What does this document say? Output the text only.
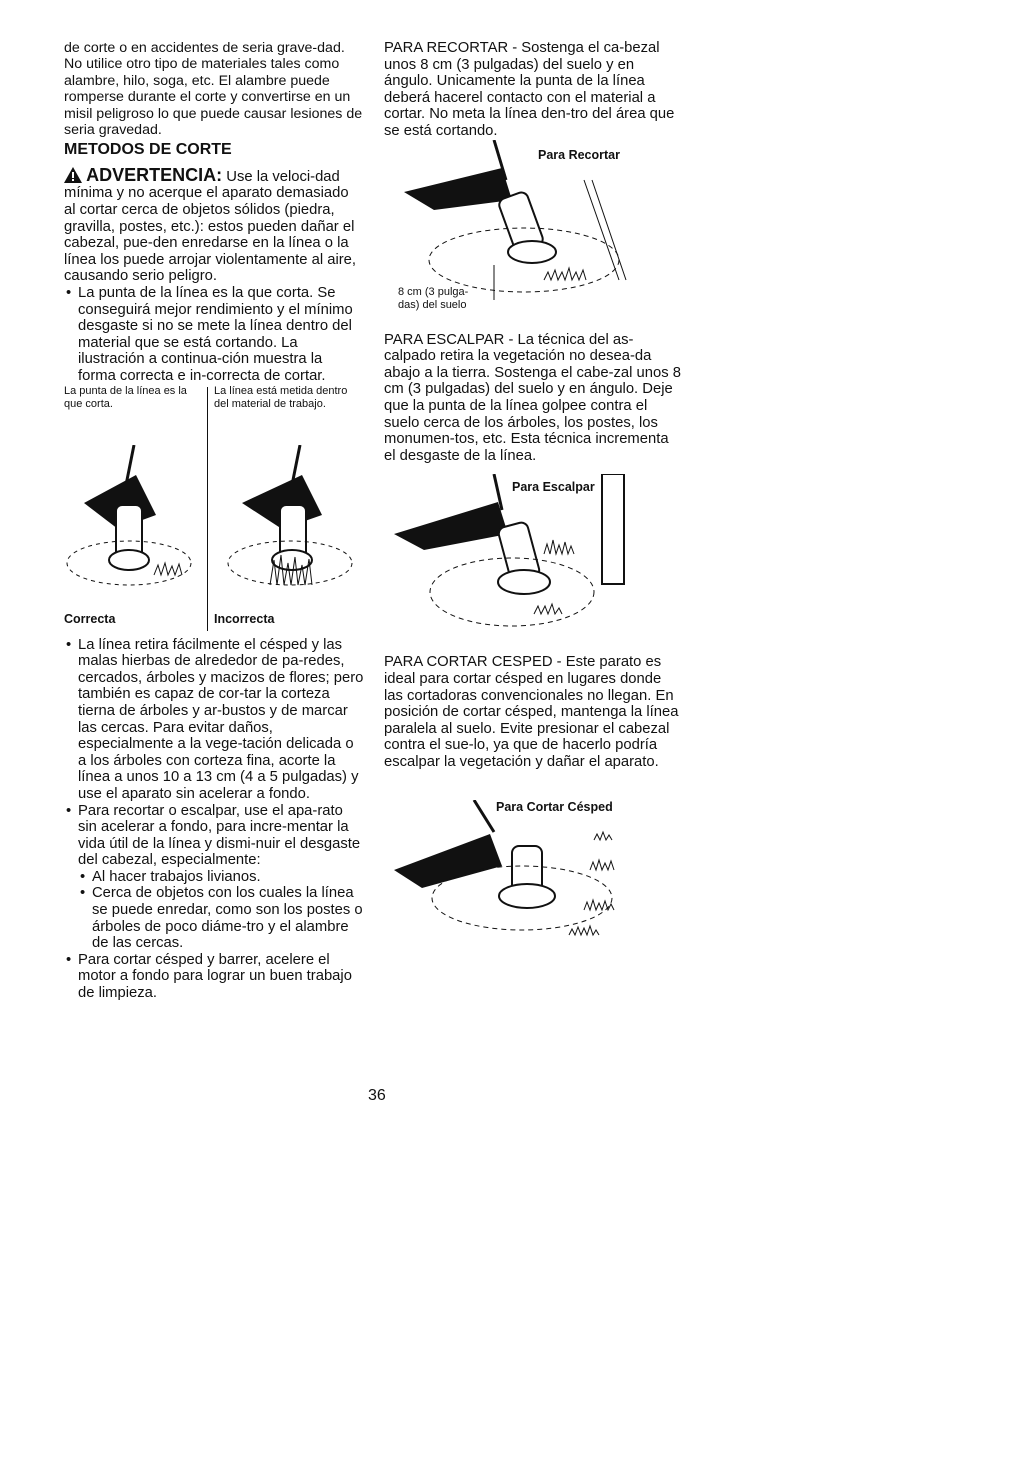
de corte o en accidentes de seria grave-dad. No utilice otro tipo de materiales tales como alambre, hilo, soga, etc. El alambre puede romperse durante el corte y convertirse en un misil peligroso lo que puede causar lesiones de seria gravedad.

METODOS DE CORTE

ADVERTENCIA: Use la veloci-dad mínima y no acerque el aparato demasiado al cortar cerca de objetos sólidos (piedra, gravilla, postes, etc.): estos pueden dañar el cabezal, pue-den enredarse en la línea o la línea los puede arrojar violentamente al aire, causando serio peligro.

• La punta de la línea es la que corta. Se conseguirá mejor rendimiento y el mínimo desgaste si no se mete la línea dentro del material que se está cortando. La ilustración a continua-ción muestra la forma correcta e in-correcta de cortar.
La punta de la línea es la que corta.
La línea está metida dentro del material de trabajo.
Correcta	Incorrecta
• La línea retira fácilmente el césped y las malas hierbas de alrededor de pa-redes, cercados, árboles y macizos de flores; pero también es capaz de cor-tar la corteza tierna de árboles y ar-bustos y de marcar las cercas. Para evitar daños, especialmente a la vege-tación delicada o a los árboles con corteza fina, acorte la línea a unos 10 a 13 cm (4 a 5 pulgadas) y use el aparato sin acelerar a fondo.
• Para recortar o escalpar, use el apa-rato sin acelerar a fondo, para incre-mentar la vida útil de la línea y dismi-nuir el desgaste del cabezal, especialmente:
• Al hacer trabajos livianos.
• Cerca de objetos con los cuales la línea se puede enredar, como son los postes o árboles de poco diáme-tro y el alambre de las cercas.
• Para cortar césped y barrer, acelere el motor a fondo para lograr un buen trabajo de limpieza.

PARA RECORTAR - Sostenga el ca-bezal unos 8 cm (3 pulgadas) del suelo y en ángulo. Unicamente la punta de la línea deberá hacerel contacto con el material a cortar. No meta la línea den-tro del área que se está cortando.

Para Recortar
8 cm (3 pulga-das) del suelo

PARA ESCALPAR - La técnica del as-calpado retira la vegetación no desea-da abajo a la tierra. Sostenga el cabe-zal unos 8 cm (3 pulgadas) del suelo y en ángulo. Deje que la punta de la línea golpee contra el suelo cerca de los árboles, los postes, los monumen-tos, etc. Esta técnica incrementa el desgaste de la línea.

Para Escalpar

PARA CORTAR CESPED - Este parato es ideal para cortar césped en lugares donde las cortadoras convencionales no llegan. En posición de cortar césped, mantenga la línea paralela al suelo. Evite presionar el cabezal contra el sue-lo, ya que de hacerlo podría escalpar la vegetación y dañar el aparato.

Para Cortar Césped
36
